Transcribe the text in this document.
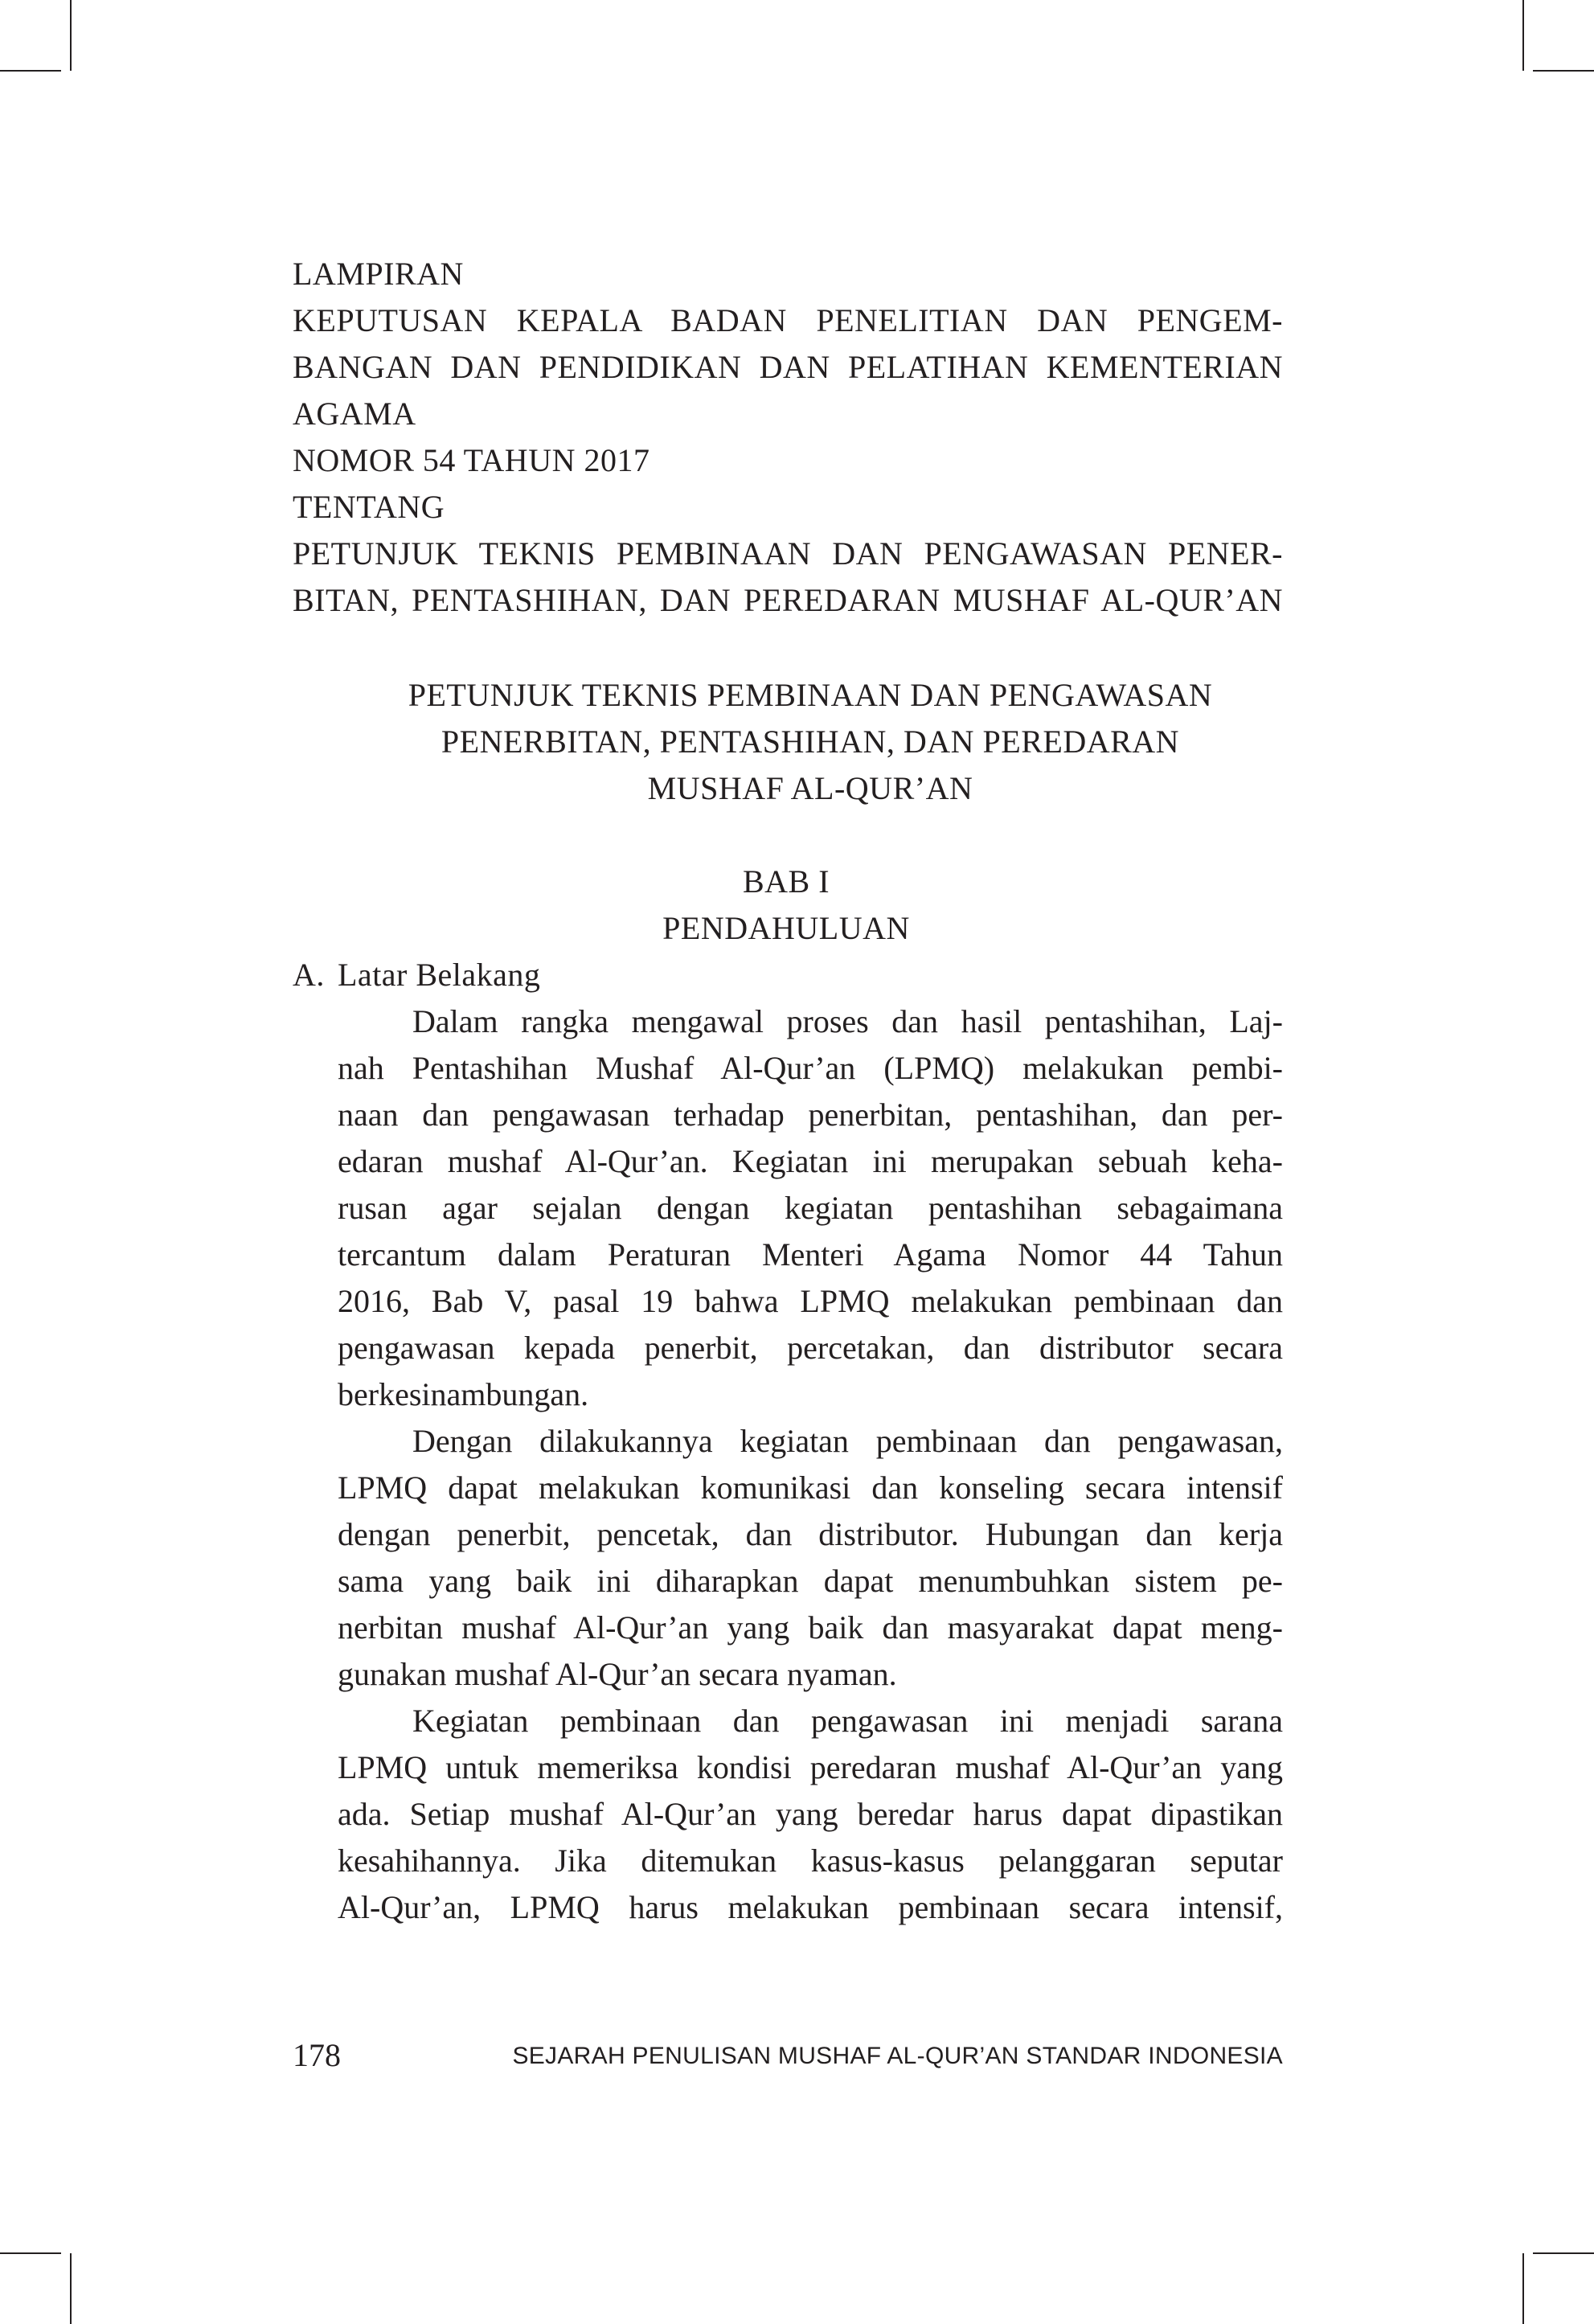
LAMPIRAN
KEPUTUSAN KEPALA BADAN PENELITIAN DAN PENGEM-
BANGAN DAN PENDIDIKAN DAN PELATIHAN KEMENTERIAN
AGAMA
NOMOR 54 TAHUN 2017
TENTANG
PETUNJUK TEKNIS PEMBINAAN DAN PENGAWASAN PENER-
BITAN, PENTASHIHAN, DAN PEREDARAN MUSHAF AL-QUR’AN
PETUNJUK TEKNIS PEMBINAAN DAN PENGAWASAN
PENERBITAN, PENTASHIHAN, DAN PEREDARAN
MUSHAF AL-QUR’AN
BAB I
PENDAHULUAN
A. Latar Belakang
Dalam rangka mengawal proses dan hasil pentashihan, Laj-
nah Pentashihan Mushaf Al-Qur’an (LPMQ) melakukan pembi-
naan dan pengawasan terhadap penerbitan, pentashihan, dan per-
edaran mushaf Al-Qur’an. Kegiatan ini merupakan sebuah keha-
rusan agar sejalan dengan kegiatan pentashihan sebagaimana
tercantum dalam Peraturan Menteri Agama Nomor 44 Tahun
2016, Bab V, pasal 19 bahwa LPMQ melakukan pembinaan dan
pengawasan kepada penerbit, percetakan, dan distributor secara
berkesinambungan.
Dengan dilakukannya kegiatan pembinaan dan pengawasan,
LPMQ dapat melakukan komunikasi dan konseling secara intensif
dengan penerbit, pencetak, dan distributor. Hubungan dan kerja
sama yang baik ini diharapkan dapat menumbuhkan sistem pe-
nerbitan mushaf Al-Qur’an yang baik dan masyarakat dapat meng-
gunakan mushaf Al-Qur’an secara nyaman.
Kegiatan pembinaan dan pengawasan ini menjadi sarana
LPMQ untuk memeriksa kondisi peredaran mushaf Al-Qur’an yang
ada. Setiap mushaf Al-Qur’an yang beredar harus dapat dipastikan
kesahihannya. Jika ditemukan kasus-kasus pelanggaran seputar
Al-Qur’an, LPMQ harus melakukan pembinaan secara intensif,
178	SEJARAH PENULISAN MUSHAF AL-QUR’AN STANDAR INDONESIA
